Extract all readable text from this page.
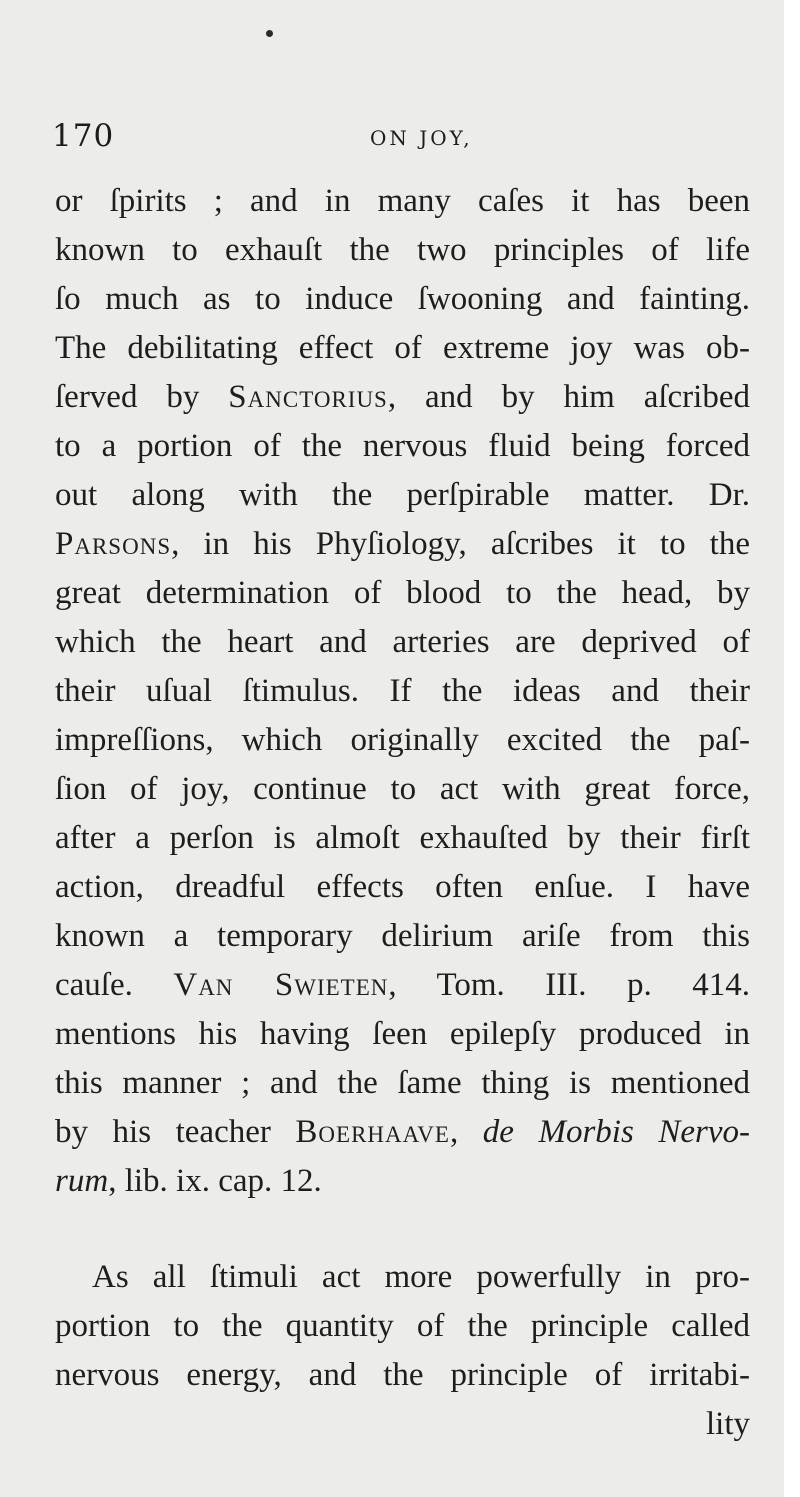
170	ON JOY,
or ſpirits ; and in many caſes it has been
known to exhauſt the two principles of life
ſo much as to induce ſwooning and fainting.
The debilitating effect of extreme joy was ob-
ſerved by Sanctorius, and by him aſcribed
to a portion of the nervous fluid being forced
out along with the perſpirable matter. Dr.
Parsons, in his Phyſiology, aſcribes it to the
great determination of blood to the head, by
which the heart and arteries are deprived of
their uſual ſtimulus. If the ideas and their
impreſſions, which originally excited the paſ-
ſion of joy, continue to act with great force,
after a perſon is almoſt exhauſted by their firſt
action, dreadful effects often enſue. I have
known a temporary delirium ariſe from this
cauſe. Van Swieten, Tom. III. p. 414.
mentions his having ſeen epilepſy produced in
this manner ; and the ſame thing is mentioned
by his teacher Boerhaave, de Morbis Nervo-
rum, lib. ix. cap. 12.
As all ſtimuli act more powerfully in pro-
portion to the quantity of the principle called
nervous energy, and the principle of irritabi-
lity
